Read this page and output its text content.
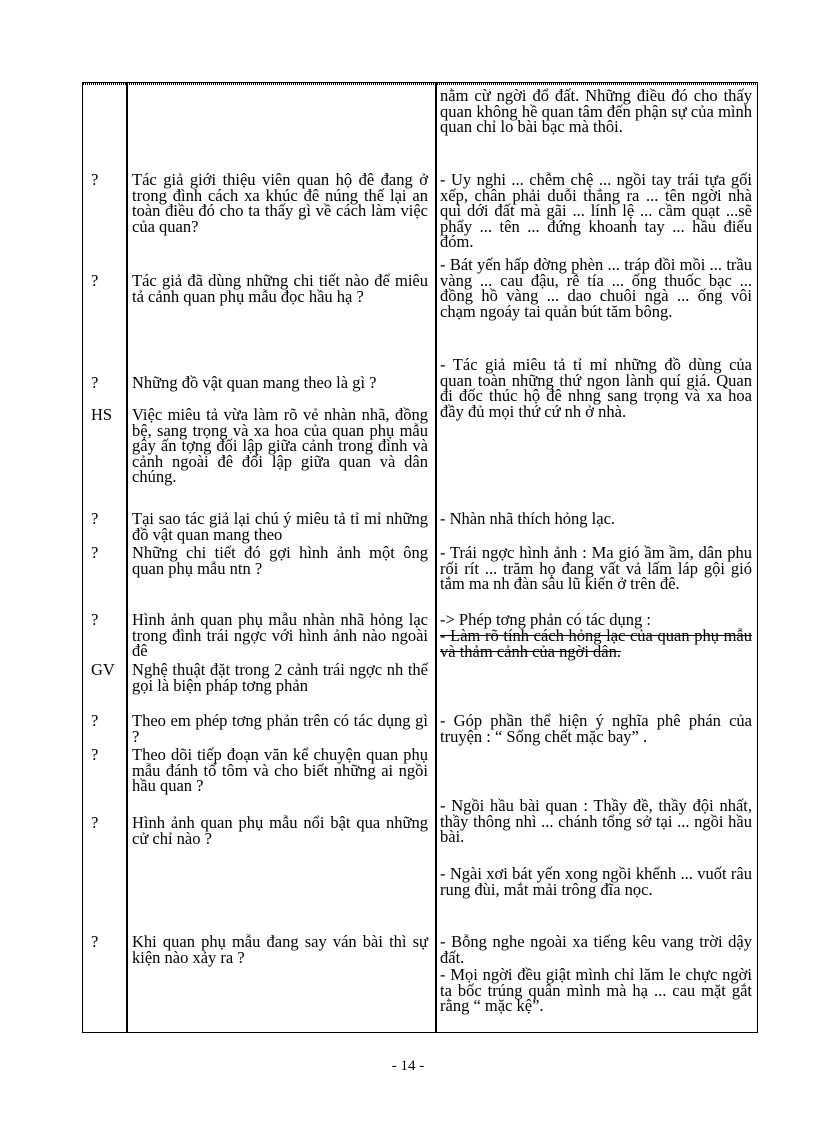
?
?
?
HS
?
?
?
GV
?
?
?
?
Tác giả giới thiệu viên quan hộ đê đang ở trong đình cách xa khúc đê núng thế lại an toàn điều đó cho ta thấy gì về cách làm việc của quan?
Tác giả đã dùng những chi tiết nào để miêu tả cảnh quan phụ mẫu đọc hầu hạ ?
Những đồ vật quan mang theo là gì ?
Việc miêu tả vừa làm rõ vẻ nhàn nhã, đồng bệ, sang trọng và xa hoa của quan phụ mẫu gây ấn tợng đối lập giữa cảnh trong đình và cảnh ngoài đê đối lập giữa quan và dân chúng.
Tại sao tác giả lại chú ý miêu tả tỉ mỉ những đồ vật quan mang theo
Những chi tiết đó gợi hình ảnh một ông quan phụ mẫu ntn ?
Hình ảnh quan phụ mẫu nhàn nhã hỏng lạc trong đình trái ngợc với hình ảnh nào ngoài đê
Nghệ thuật đặt trong 2 cảnh trái ngợc nh thế gọi là biện pháp tơng phản
Theo em phép tơng phản trên có tác dụng gì ?
Theo dõi tiếp đoạn văn kể chuyện quan phụ mẫu đánh tổ tôm và cho biết những ai ngồi hầu quan ?
Hình ảnh quan phụ mẫu nổi bật qua những cử chỉ nào ?
Khi quan phụ mẫu đang say ván bài thì sự kiện nào xảy ra ?
nằm cừ ngời đổ đất. Những điều đó cho thấy quan không hề quan tâm đến phận sự của mình quan chỉ lo bài bạc mà thôi.
- Uy nghi ... chễm chệ ... ngồi tay trái tựa gối xếp, chân phải duỗi thẳng ra ... tên ngời nhà quì dới đất mà gãi ... lính lệ ... cầm quạt ...sẽ phẩy ... tên ... đứng khoanh tay ... hầu điếu đóm.
- Bát yến hấp đờng phèn ... tráp đồi mồi ... trầu vàng ... cau đậu, rễ tía ... ống thuốc bạc ... đồng hồ vàng ... dao chuôi ngà ... ống vôi chạm ngoáy tai quản bút tăm bông.
- Tác giả miêu tả tỉ mỉ những đồ dùng của quan toàn những thứ ngon lành quí giá. Quan đi đốc thúc hộ đê nhng sang trọng và xa hoa đầy đủ mọi thứ cứ nh ở nhà.
- Nhàn nhã thích hỏng lạc.
- Trái ngợc hình ảnh : Ma gió ầm ầm, dân phu rối rít ... trăm họ đang vất vả lấm láp gội gió tắm ma nh đàn sâu lũ kiến ở trên đê.
-> Phép tơng phản có tác dụng :
- Làm rõ tính cách hỏng lạc của quan phụ mẫu và thảm cảnh của ngời dân.
- Góp phần thể hiện ý nghĩa phê phán của truyện : “ Sống chết mặc bay” .
- Ngồi hầu bài quan : Thầy đề, thầy đội nhất, thầy thông nhì ... chánh tổng sở tại ... ngồi hầu bài.
- Ngài xơi bát yến xong ngồi khểnh ... vuốt râu rung đùi, mắt mải trông đĩa nọc.
- Bỗng nghe ngoài xa tiếng kêu vang trời dậy đất.
- Mọi ngời đều giật mình chỉ lăm le chực ngời ta bốc trúng quân mình mà hạ ... cau mặt gắt rằng “ mặc kệ”.
- 14 -
